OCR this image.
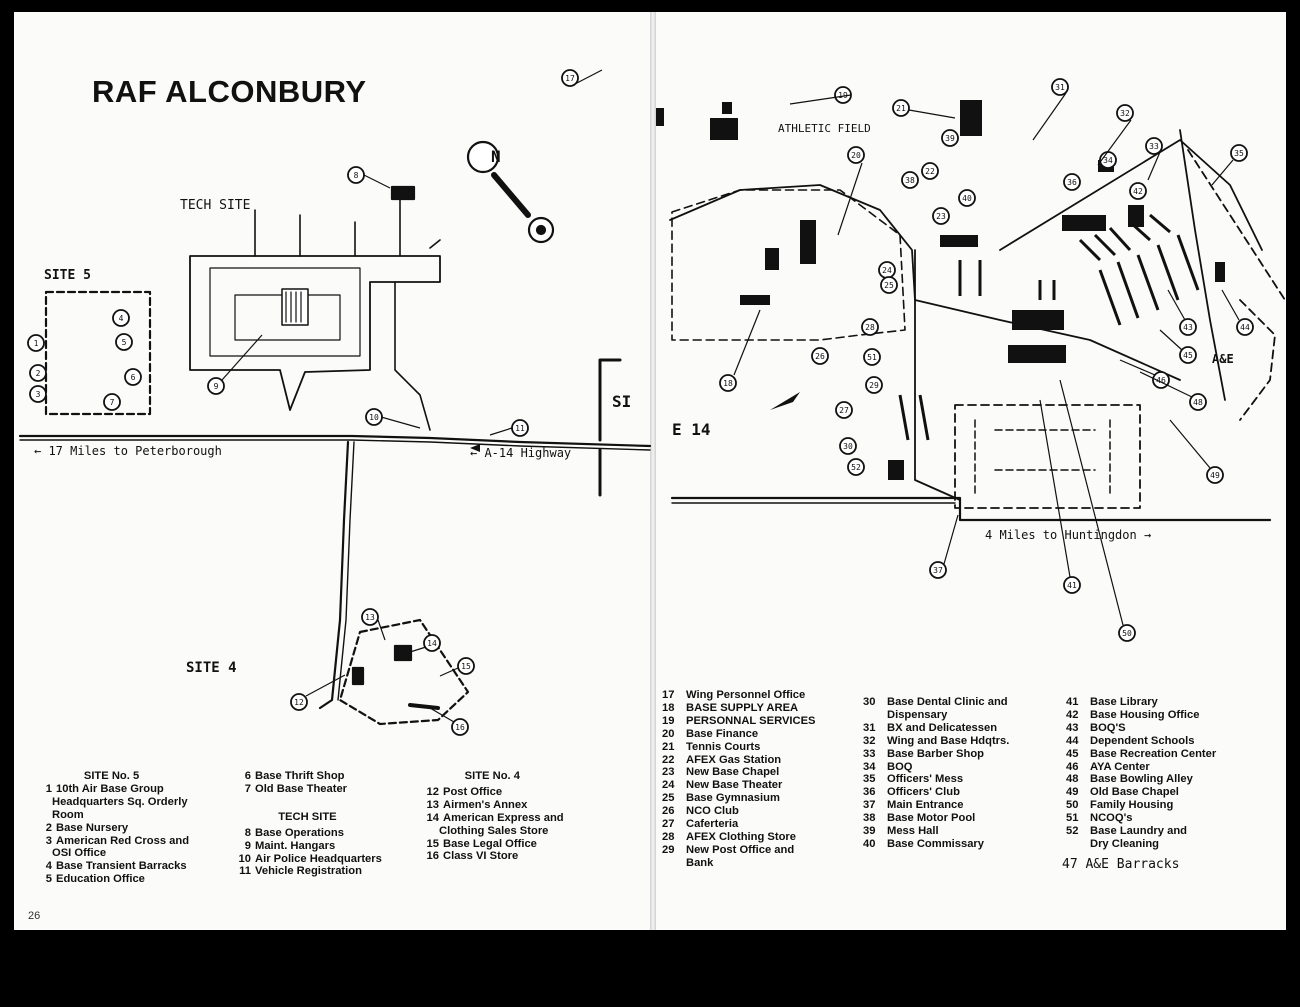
1
2
3
4
5
6
7
8
9
10
11
12
13
14
15
16
17
18
19
20
21
22
23
24
25
26
27
28
29
30
31
32
33
34
35
36
37
38
39
40
41
42
43	44
45
46
48
49
50
51
52
RAF ALCONBURY
N
TECH SITE
SITE 5
SITE 4
← 17 Miles to Peterborough	← A-14 Highway
ATHLETIC FIELD
E 14
SI
4 Miles to Huntingdon →
A&E
SITE No. 5
1 10th Air Base Group
Headquarters Sq. Orderly
Room
2 Base Nursery
3 American Red Cross and
OSI Office
4 Base Transient Barracks
5 Education Office
6 Base Thrift Shop
7 Old Base Theater
TECH SITE
8 Base Operations
9 Maint. Hangars
10 Air Police Headquarters
11 Vehicle Registration
SITE No. 4
12 Post Office
13 Airmen's Annex
14 American Express and
Clothing Sales Store
15 Base Legal Office
16 Class VI Store
17 Wing Personnel Office
18 BASE SUPPLY AREA
19 PERSONNAL SERVICES
20 Base Finance
21 Tennis Courts
22 AFEX Gas Station
23 New Base Chapel
24 New Base Theater
25 Base Gymnasium
26 NCO Club
27 Caferteria
28 AFEX Clothing Store
29 New Post Office and
Bank
30 Base Dental Clinic and
Dispensary
31 BX and Delicatessen
32 Wing and Base Hdqtrs.
33 Base Barber Shop
34 BOQ
35 Officers' Mess
36 Officers' Club
37 Main Entrance
38 Base Motor Pool
39 Mess Hall
40 Base Commissary
41 Base Library
42 Base Housing Office
43 BOQ'S
44 Dependent Schools
45 Base Recreation Center
46 AYA Center
48 Base Bowling Alley
49 Old Base Chapel
50 Family Housing
51 NCOQ's
52 Base Laundry and
Dry Cleaning
47 A&E Barracks
26
